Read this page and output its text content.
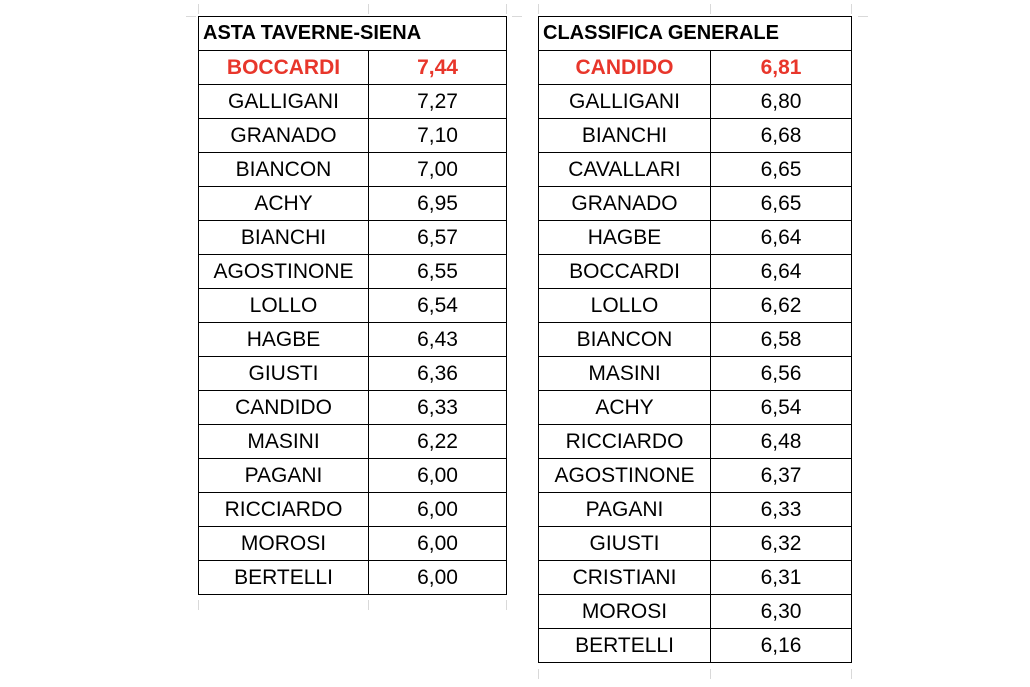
ASTA TAVERNE-SIENA	
BOCCARDI	7,44
GALLIGANI	7,27
GRANADO	7,10
BIANCON	7,00
ACHY	6,95
BIANCHI	6,57
AGOSTINONE	6,55
LOLLO	6,54
HAGBE	6,43
GIUSTI	6,36
CANDIDO	6,33
MASINI	6,22
PAGANI	6,00
RICCIARDO	6,00
MOROSI	6,00
BERTELLI	6,00
CLASSIFICA GENERALE	
CANDIDO	6,81
GALLIGANI	6,80
BIANCHI	6,68
CAVALLARI	6,65
GRANADO	6,65
HAGBE	6,64
BOCCARDI	6,64
LOLLO	6,62
BIANCON	6,58
MASINI	6,56
ACHY	6,54
RICCIARDO	6,48
AGOSTINONE	6,37
PAGANI	6,33
GIUSTI	6,32
CRISTIANI	6,31
MOROSI	6,30
BERTELLI	6,16
